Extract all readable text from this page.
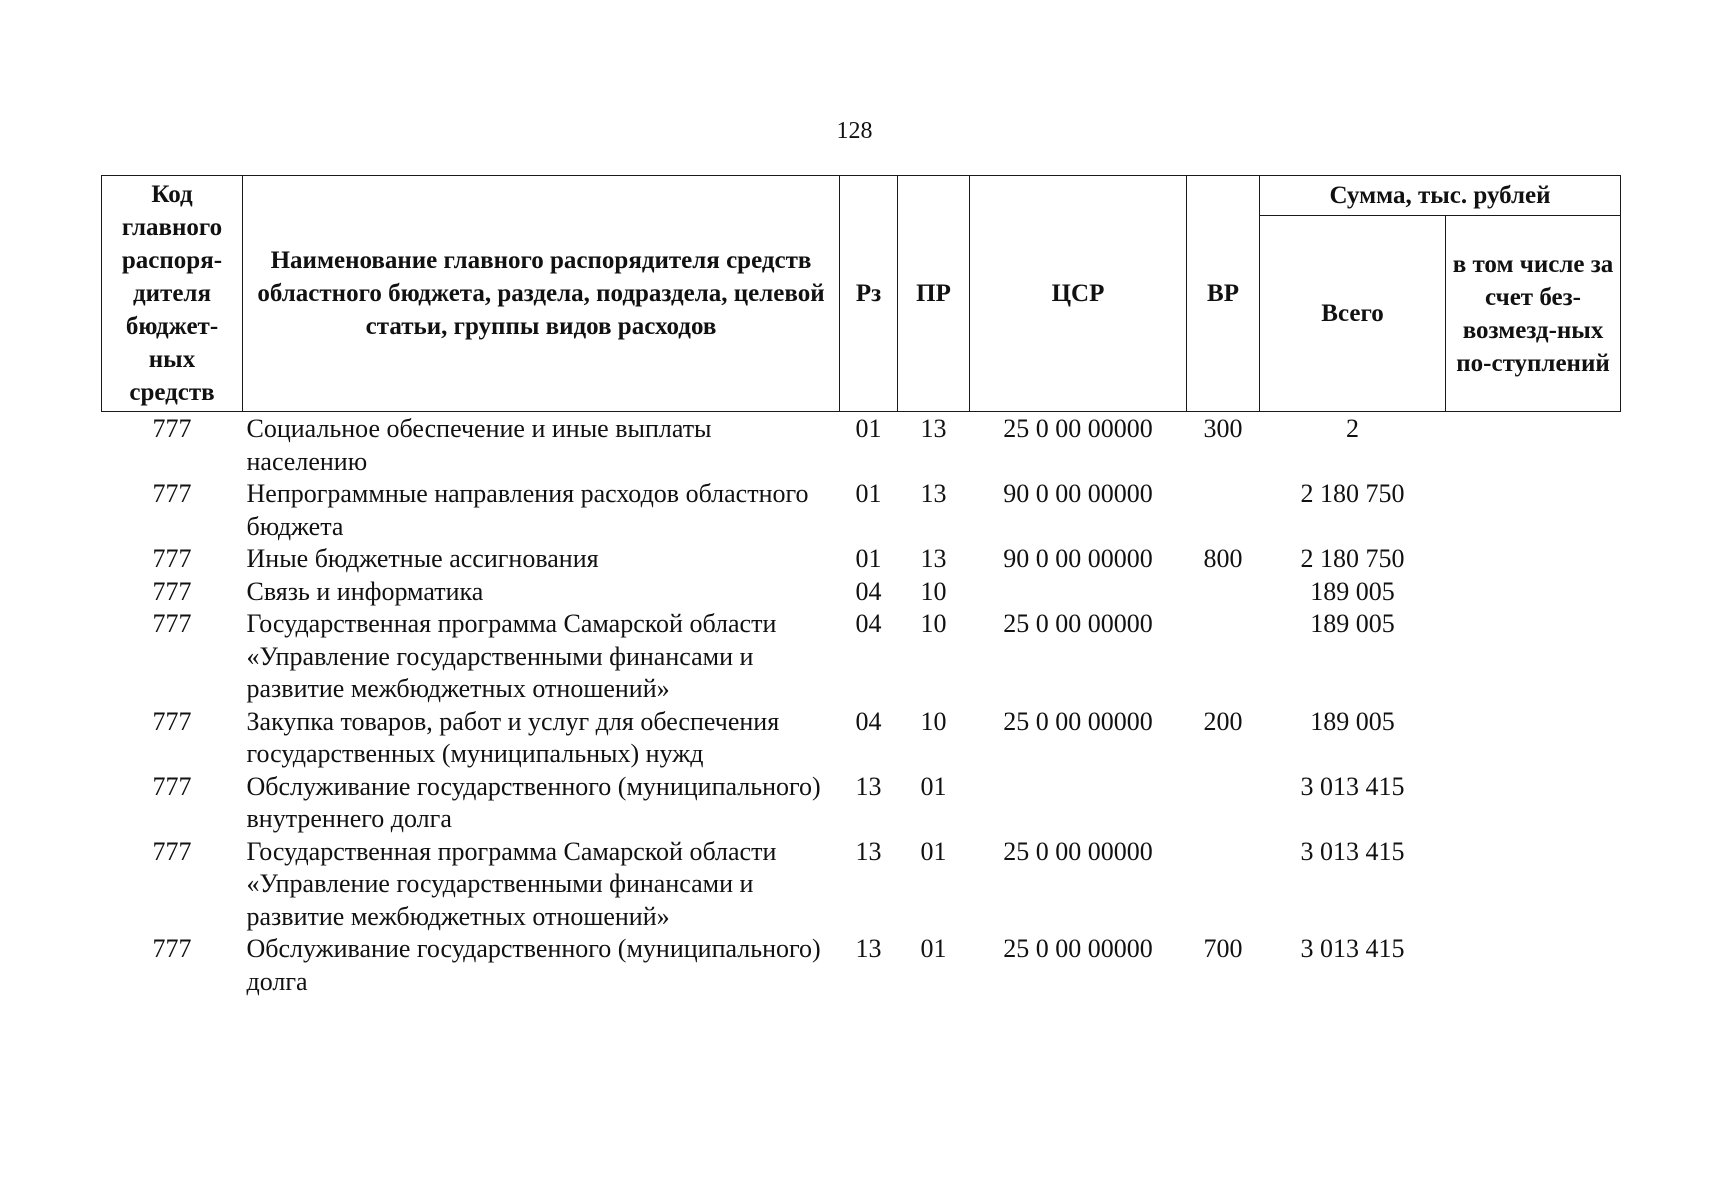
128
Код главного распоря-дителя бюджет-ных средств	Наименование главного распорядителя средств областного бюджета, раздела, подраздела, целевой статьи, группы видов расходов	Рз	ПР	ЦСР	ВР	Сумма, тыс. рублей	
						Всего	в том числе за счет без-возмезд-ных по-ступлений
777	Социальное обеспечение и иные выплаты населению	01	13	25 0 00 00000	300	2	
777	Непрограммные направления расходов областного бюджета	01	13	90 0 00 00000		2 180 750	
777	Иные бюджетные ассигнования	01	13	90 0 00 00000	800	2 180 750	
777	Связь и информатика	04	10			189 005	
777	Государственная программа Самарской области «Управление государственными финансами и развитие межбюджетных отношений»	04	10	25 0 00 00000		189 005	
777	Закупка товаров, работ и услуг для обеспечения государственных (муниципальных) нужд	04	10	25 0 00 00000	200	189 005	
777	Обслуживание государственного (муниципального) внутреннего долга	13	01			3 013 415	
777	Государственная программа Самарской области «Управление государственными финансами и развитие межбюджетных отношений»	13	01	25 0 00 00000		3 013 415	
777	Обслуживание государственного (муниципального) долга	13	01	25 0 00 00000	700	3 013 415	
